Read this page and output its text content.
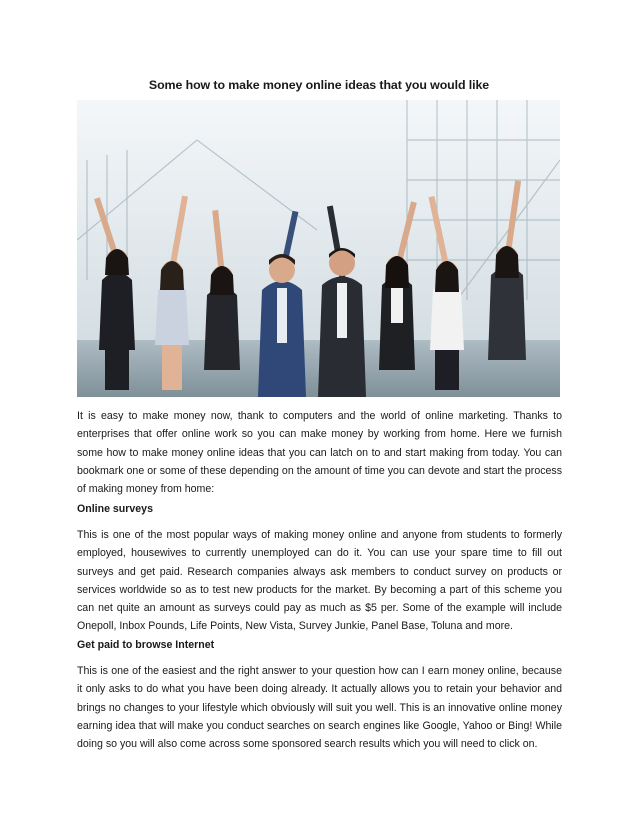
Some how to make money online ideas that you would like

It is easy to make money now, thank to computers and the world of online marketing. Thanks to enterprises that offer online work so you can make money by working from home. Here we furnish some how to make money online ideas that you can latch on to and start making from today. You can bookmark one or some of these depending on the amount of time you can devote and start the process of making money from home:

Online surveys

This is one of the most popular ways of making money online and anyone from students to formerly employed, housewives to currently unemployed can do it. You can use your spare time to fill out surveys and get paid. Research companies always ask members to conduct survey on products or services worldwide so as to test new products for the market. By becoming a part of this scheme you can net quite an amount as surveys could pay as much as $5 per. Some of the example will include Onepoll, Inbox Pounds, Life Points, New Vista, Survey Junkie, Panel Base, Toluna and more.

Get paid to browse Internet

This is one of the easiest and the right answer to your question how can I earn money online, because it only asks to do what you have been doing already. It actually allows you to retain your behavior and brings no changes to your lifestyle which obviously will suit you well. This is an innovative online money earning idea that will make you conduct searches on search engines like Google, Yahoo or Bing! While doing so you will also come across some sponsored search results which you will need to click on.
